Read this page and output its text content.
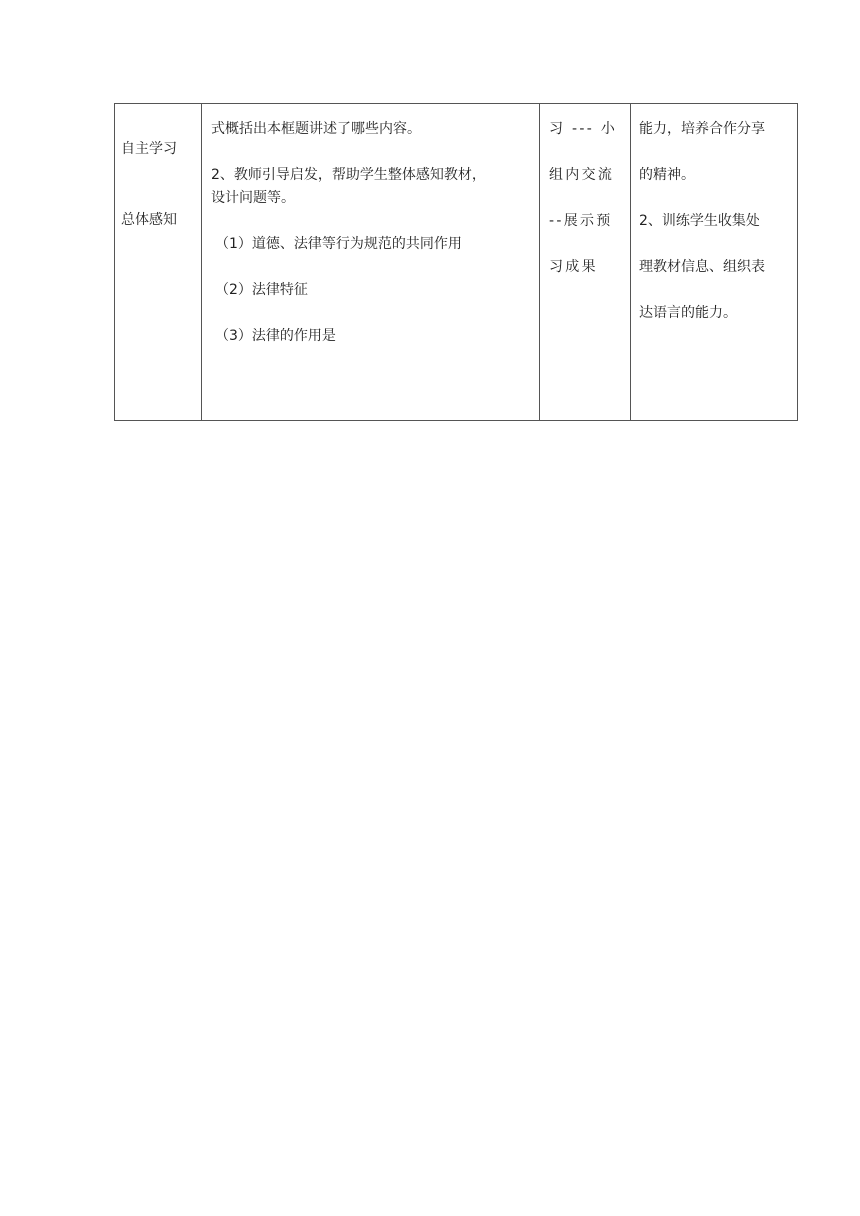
自主学习
总体感知

式概括出本框题讲述了哪些内容。
2、教师引导启发，帮助学生整体感知教材，
设计问题等。
（1）道德、法律等行为规范的共同作用
（2）法律特征
（3）法律的作用是

习 --- 小
组内交流
--展示预
习成果

能力，培养合作分享
的精神。
2、训练学生收集处
理教材信息、组织表
达语言的能力。
